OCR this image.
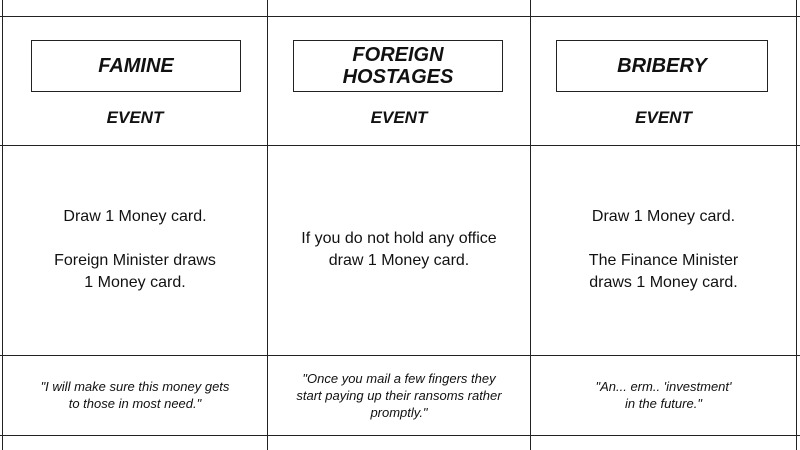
FAMINE
EVENT
Draw 1 Money card.
Foreign Minister draws
1 Money card.
"I will make sure this money gets
to those in most need."
FOREIGN
HOSTAGES
EVENT
If you do not hold any office
draw 1 Money card.
"Once you mail a few fingers they
start paying up their ransoms rather
promptly."
BRIBERY
EVENT
Draw 1 Money card.
The Finance Minister
draws 1 Money card.
"An... erm.. 'investment'
in the future."
